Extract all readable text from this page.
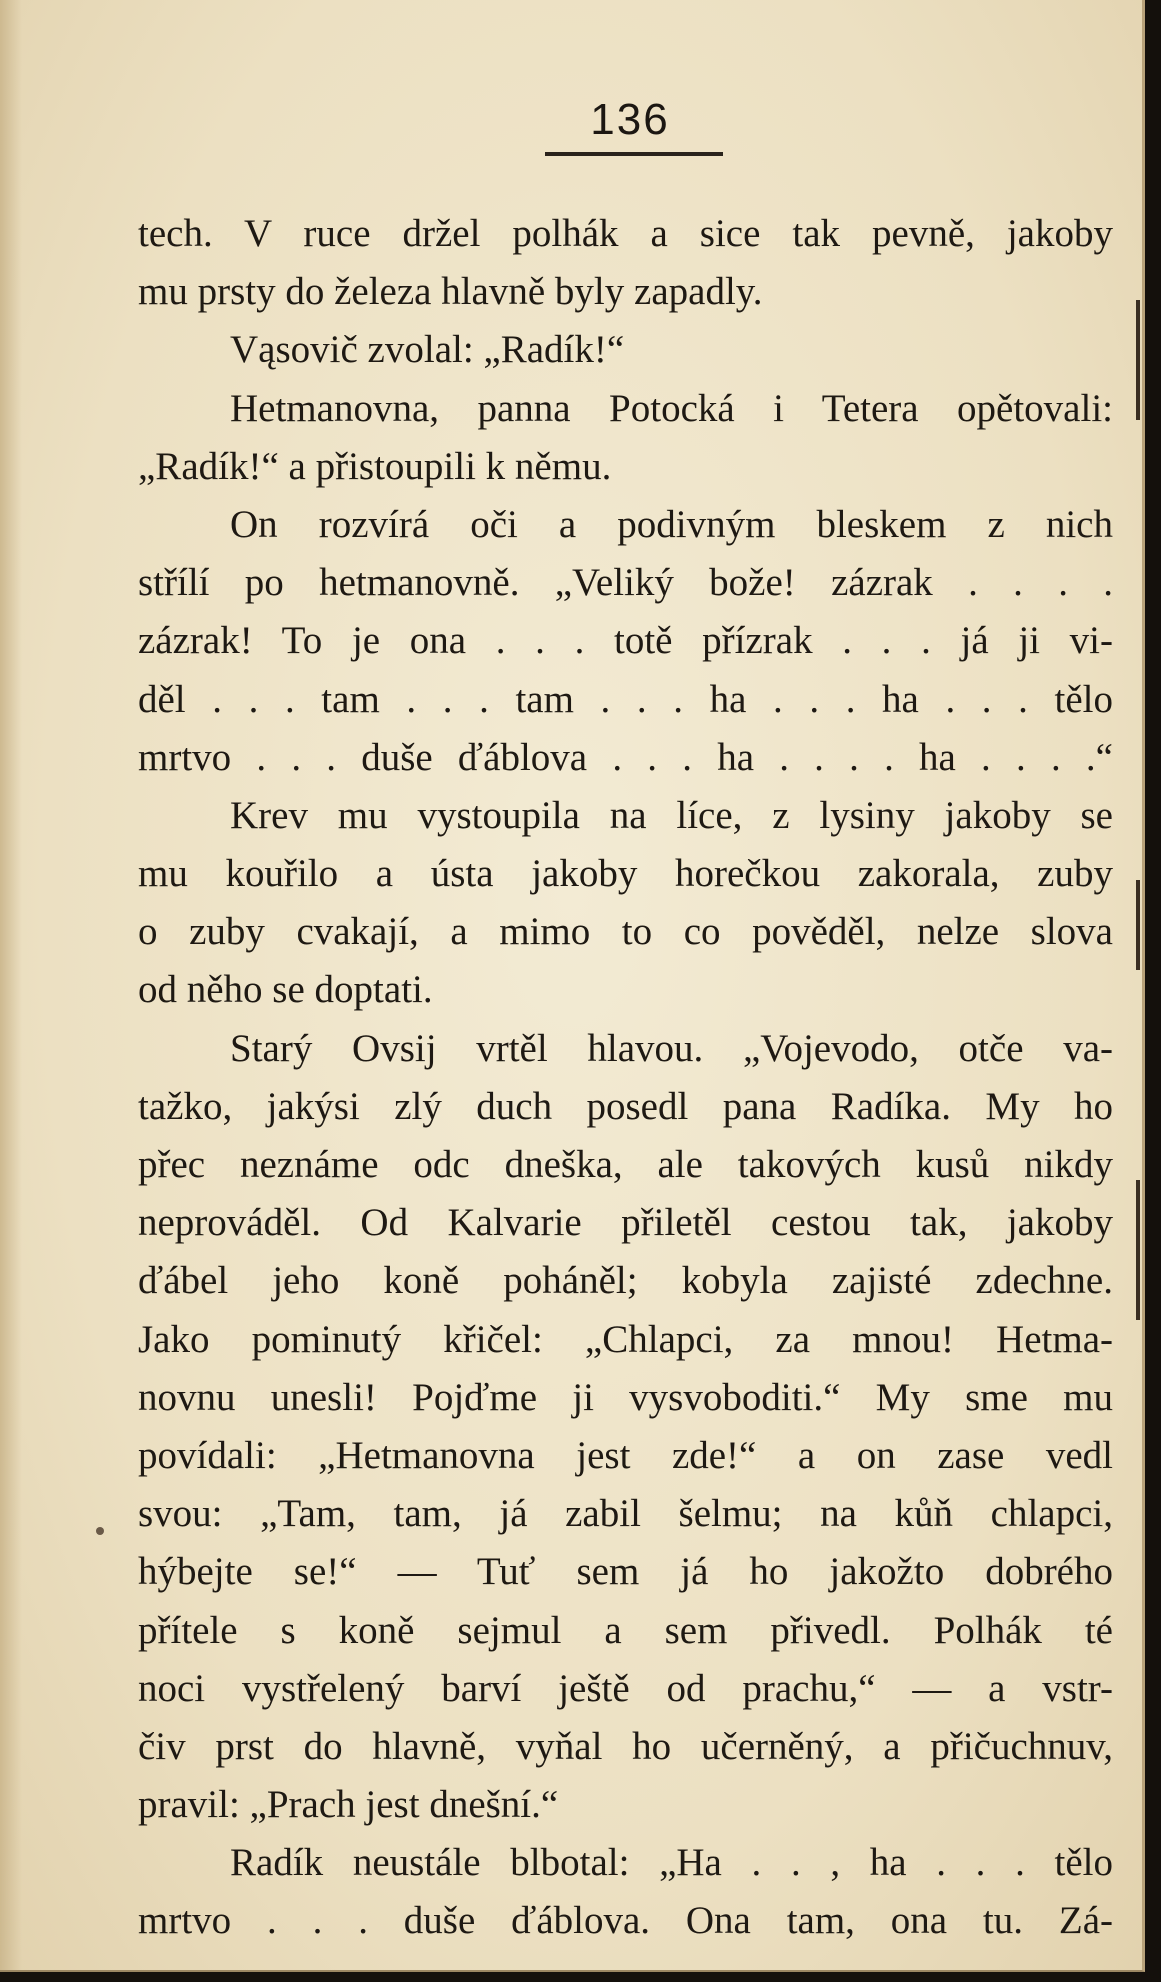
136
tech. V ruce držel polhák a sice tak pevně, jakoby
mu prsty do železa hlavně byly zapadly.
Vąsovič zvolal: „Radík!“
Hetmanovna, panna Potocká i Tetera opětovali:
„Radík!“ a přistoupili k němu.
On rozvírá oči a podivným bleskem z nich
střílí po hetmanovně. „Veliký bože! zázrak . . . .
zázrak! To je ona . . . totě přízrak . . . já ji vi-
děl . . . tam . . . tam . . . ha . . . ha . . . tělo
mrtvo . . . duše ďáblova . . . ha . . . . ha . . . .“
Krev mu vystoupila na líce, z lysiny jakoby se
mu kouřilo a ústa jakoby horečkou zakorala, zuby
o zuby cvakají, a mimo to co pověděl, nelze slova
od něho se doptati.
Starý Ovsij vrtěl hlavou. „Vojevodo, otče va-
tažko, jakýsi zlý duch posedl pana Radíka. My ho
přec neznáme odc dneška, ale takových kusů nikdy
neprováděl. Od Kalvarie přiletěl cestou tak, jakoby
ďábel jeho koně poháněl; kobyla zajisté zdechne.
Jako pominutý křičel: „Chlapci, za mnou! Hetma-
novnu unesli! Pojďme ji vysvoboditi.“ My sme mu
povídali: „Hetmanovna jest zde!“ a on zase vedl
svou: „Tam, tam, já zabil šelmu; na kůň chlapci,
hýbejte se!“ — Tuť sem já ho jakožto dobrého
přítele s koně sejmul a sem přivedl. Polhák té
noci vystřelený barví ještě od prachu,“ — a vstr-
čiv prst do hlavně, vyňal ho učerněný, a přičuchnuv,
pravil: „Prach jest dnešní.“
Radík neustále blbotal: „Ha . . , ha . . . tělo
mrtvo . . . duše ďáblova. Ona tam, ona tu. Zá-
